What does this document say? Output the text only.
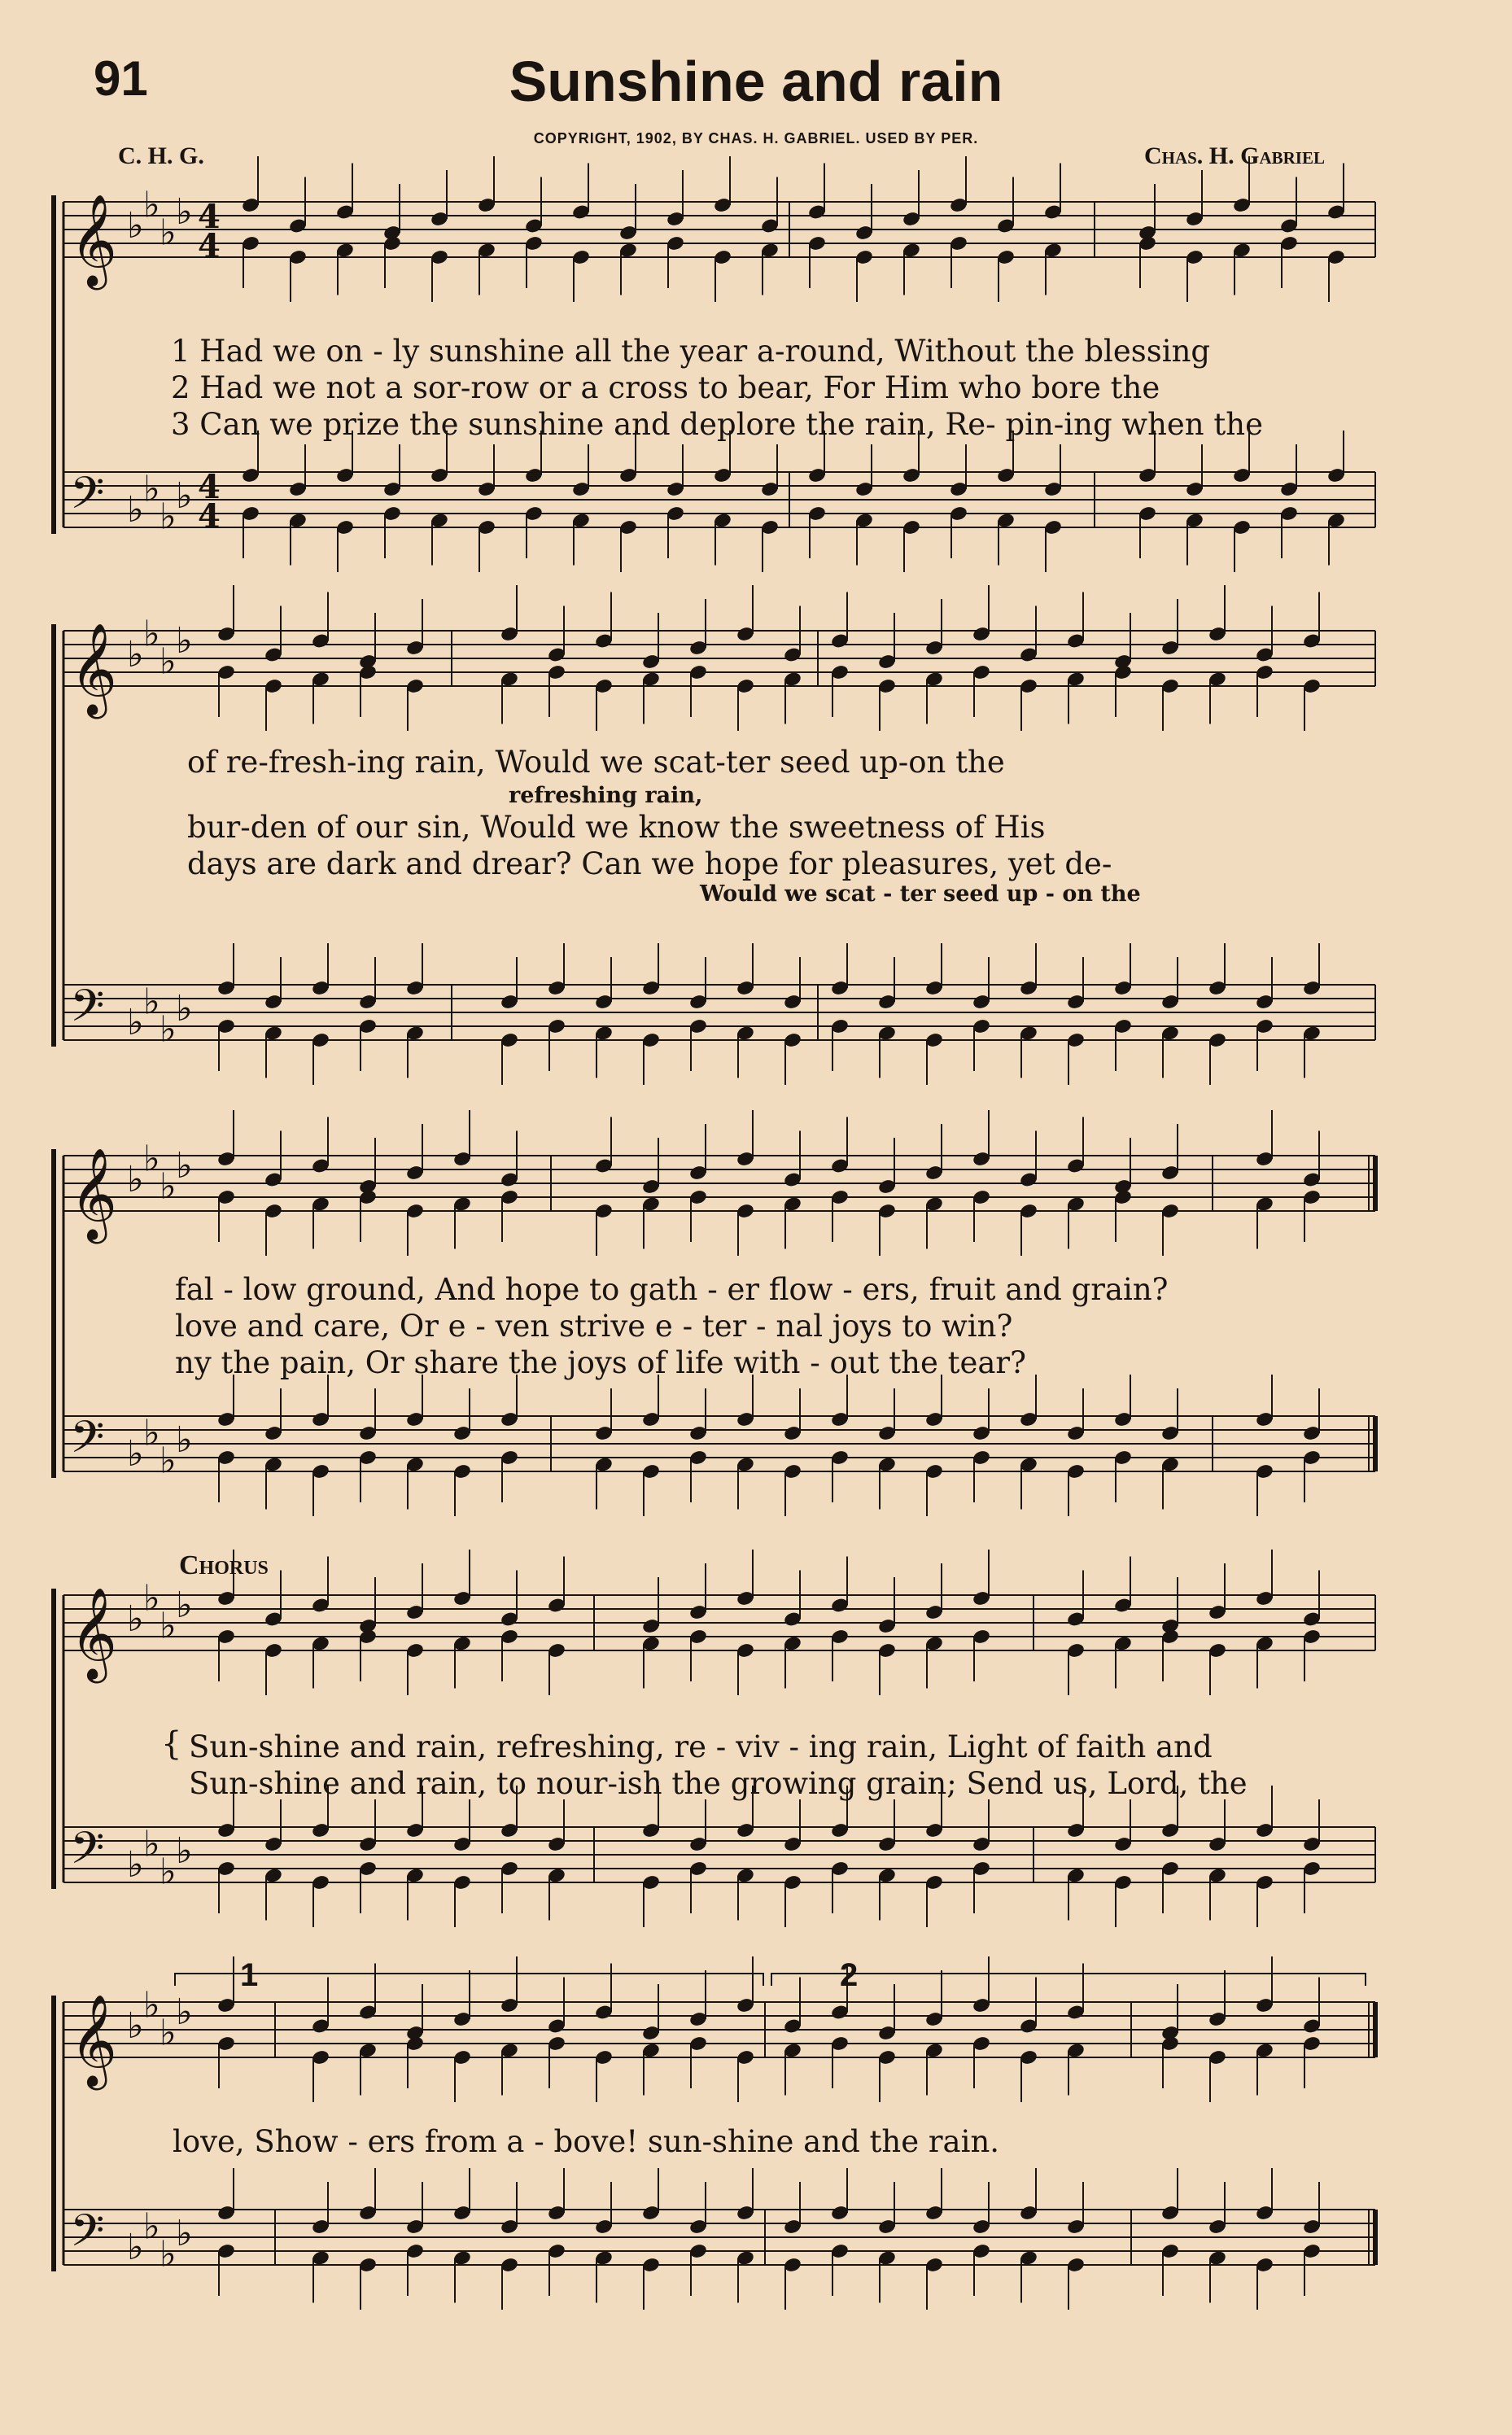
91	Sunshine and rain
COPYRIGHT, 1902, BY CHAS. H. GABRIEL. USED BY PER.
C. H. G.	Chas. H. Gabriel
𝄞
𝄢
♭ ♭
♭ ♭
♭ ♭
♭ ♭
4
4
4
4
𝄞
𝄢
♭ ♭
♭ ♭
♭ ♭
♭ ♭
𝄞
𝄢
♭ ♭
♭ ♭
♭ ♭
♭ ♭
𝄞
𝄢
♭ ♭
♭ ♭
♭ ♭
♭ ♭
𝄞
𝄢
♭ ♭
♭ ♭
♭ ♭
♭ ♭
1 Had we on - ly sunshine all the year a-round, Without the blessing
2 Had we not a sor-row or a cross to bear, For Him who bore the
3 Can we prize the sunshine and deplore the rain, Re- pin-ing when the
of re-fresh-ing rain, Would we scat-ter seed up-on the
refreshing rain,
bur-den of our sin, Would we know the sweetness of His
days are dark and drear? Can we hope for pleasures, yet de-
Would we scat - ter seed up - on the
fal - low ground, And hope to gath - er flow - ers, fruit and grain?
love and care, Or e - ven strive e - ter - nal joys to win?
ny the pain, Or share the joys of life with - out the tear?
Chorus
{ Sun-shine and rain, refreshing, re - viv - ing rain, Light of faith and
Sun-shine and rain, to nour-ish the growing grain; Send us, Lord, the
1	2
love, Show - ers from a - bove! sun-shine and the rain.
